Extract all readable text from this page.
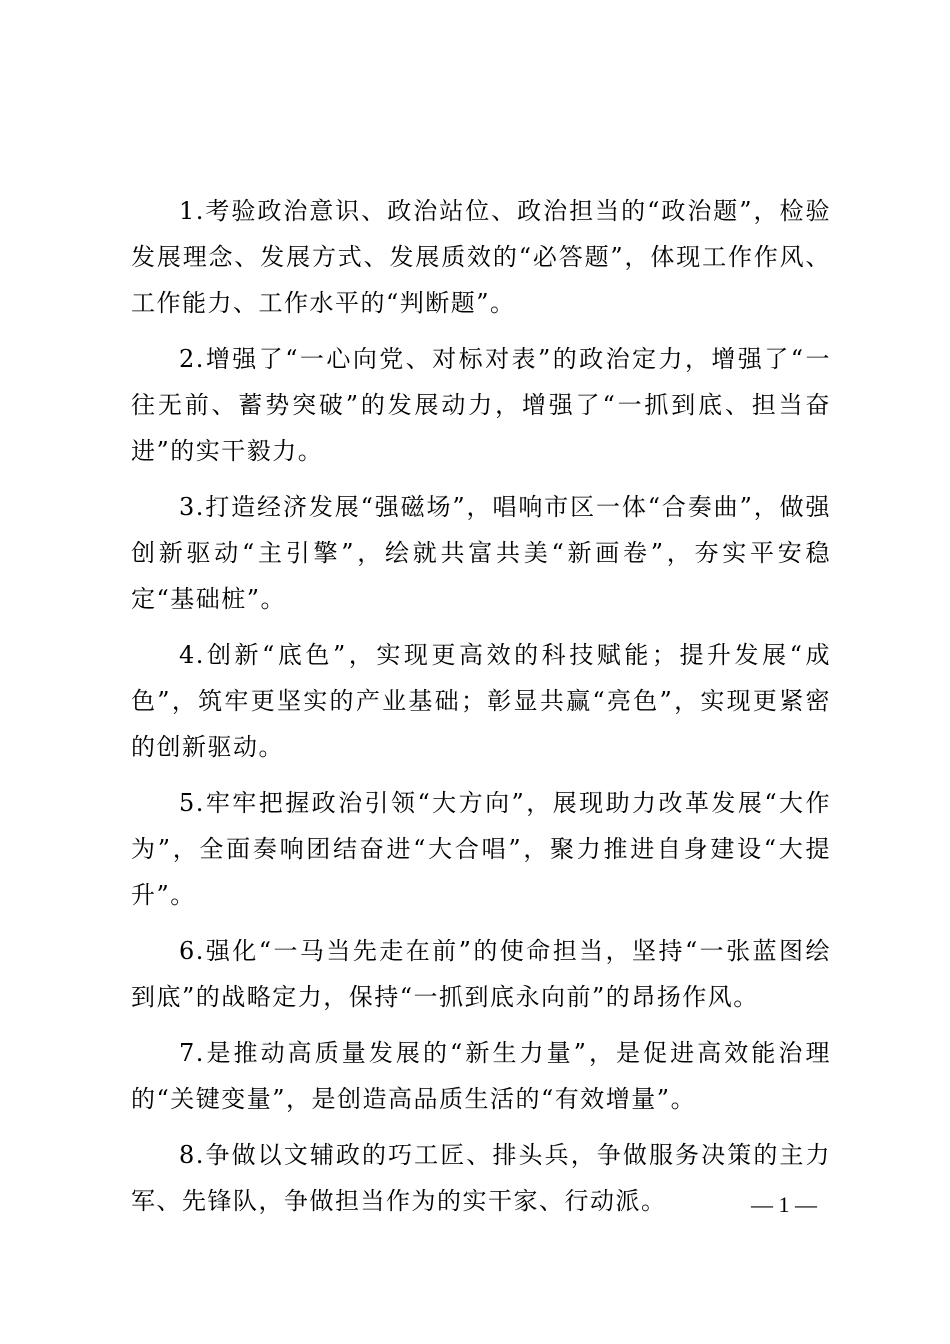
1.考验政治意识、政治站位、政治担当的“政治题”，检验发展理念、发展方式、发展质效的“必答题”，体现工作作风、工作能力、工作水平的“判断题”。

2.增强了“一心向党、对标对表”的政治定力，增强了“一往无前、蓄势突破”的发展动力，增强了“一抓到底、担当奋进”的实干毅力。

3.打造经济发展“强磁场”，唱响市区一体“合奏曲”，做强创新驱动“主引擎”，绘就共富共美“新画卷”，夯实平安稳定“基础桩”。

4.创新“底色”，实现更高效的科技赋能；提升发展“成色”，筑牢更坚实的产业基础；彰显共赢“亮色”，实现更紧密的创新驱动。

5.牢牢把握政治引领“大方向”，展现助力改革发展“大作为”，全面奏响团结奋进“大合唱”，聚力推进自身建设“大提升”。

6.强化“一马当先走在前”的使命担当，坚持“一张蓝图绘到底”的战略定力，保持“一抓到底永向前”的昂扬作风。

7.是推动高质量发展的“新生力量”，是促进高效能治理的“关键变量”，是创造高品质生活的“有效增量”。

8.争做以文辅政的巧工匠、排头兵，争做服务决策的主力军、先锋队，争做担当作为的实干家、行动派。	— 1 —
